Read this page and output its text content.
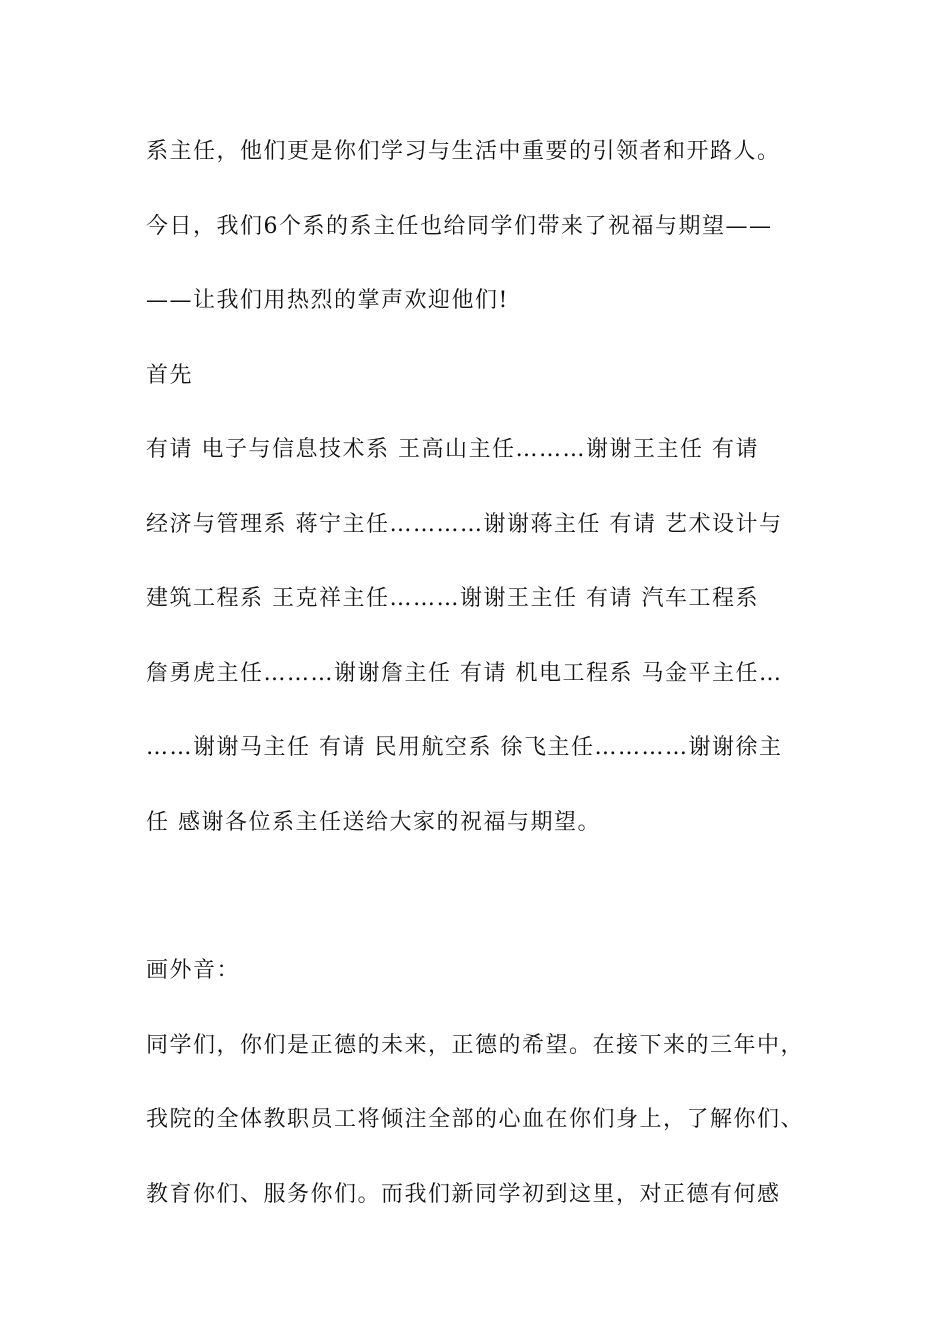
系主任，他们更是你们学习与生活中重要的引领者和开路人。
今日，我们6个系的系主任也给同学们带来了祝福与期望——
——让我们用热烈的掌声欢迎他们!
首先
有请 电子与信息技术系 王高山主任………谢谢王主任 有请
经济与管理系 蒋宁主任…………谢谢蒋主任 有请 艺术设计与
建筑工程系 王克祥主任………谢谢王主任 有请 汽车工程系
詹勇虎主任………谢谢詹主任 有请 机电工程系 马金平主任…
……谢谢马主任 有请 民用航空系 徐飞主任…………谢谢徐主
任 感谢各位系主任送给大家的祝福与期望。
画外音：
同学们，你们是正德的未来，正德的希望。在接下来的三年中，
我院的全体教职员工将倾注全部的心血在你们身上，了解你们、
教育你们、服务你们。而我们新同学初到这里，对正德有何感
